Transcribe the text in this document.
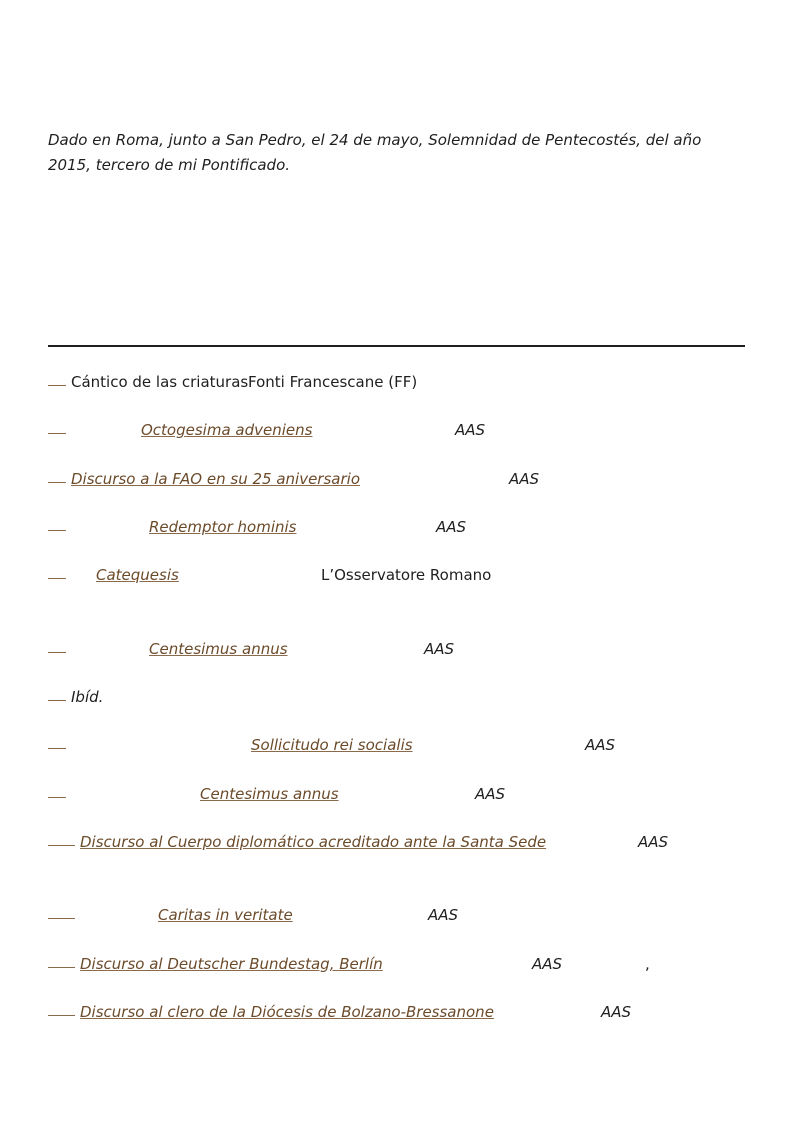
Dado en Roma, junto a San Pedro, el 24 de mayo, Solemnidad de Pentecostés, del año 2015, tercero de mi Pontificado.

Cántico de las criaturas Fonti Francescane (FF)
Octogesima adveniens	AAS
Discurso a la FAO en su 25 aniversario	AAS
Redemptor hominis	AAS
Catequesis	L’Osservatore Romano
Centesimus annus	AAS
Ibíd.
Sollicitudo rei socialis	AAS
Centesimus annus	AAS
Discurso al Cuerpo diplomático acreditado ante la Santa Sede	AAS
Caritas in veritate	AAS
Discurso al Deutscher Bundestag, Berlín	AAS	,
Discurso al clero de la Diócesis de Bolzano-Bressanone	AAS
